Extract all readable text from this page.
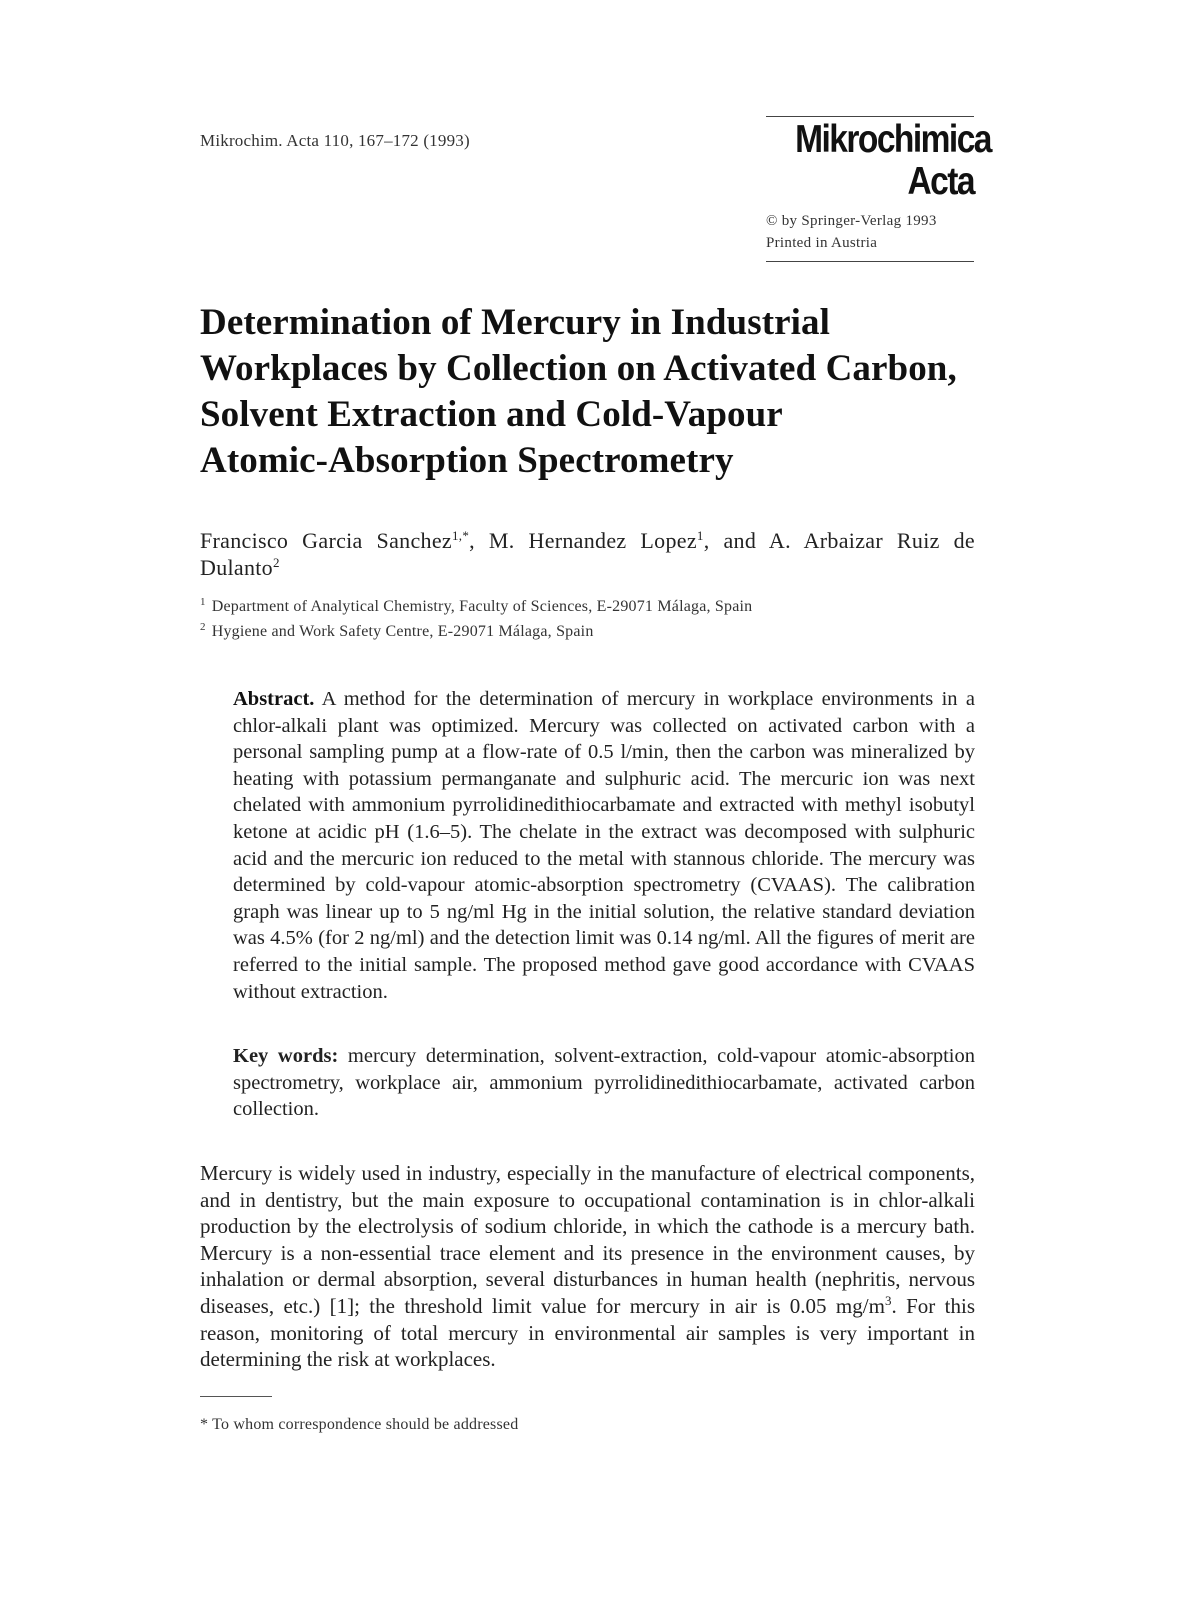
Mikrochim. Acta 110, 167–172 (1993)	Mikrochimica
Acta
© by Springer-Verlag 1993
Printed in Austria
Determination of Mercury in Industrial
Workplaces by Collection on Activated Carbon,
Solvent Extraction and Cold-Vapour
Atomic-Absorption Spectrometry
Francisco Garcia Sanchez$^{1,*}$, M. Hernandez Lopez$^1$, and A. Arbaizar Ruiz de Dulanto$^2$
$^1$ Department of Analytical Chemistry, Faculty of Sciences, E-29071 Málaga, Spain
$^2$ Hygiene and Work Safety Centre, E-29071 Málaga, Spain

Abstract. A method for the determination of mercury in workplace environments in a chlor-alkali plant was optimized. Mercury was collected on activated carbon with a personal sampling pump at a flow-rate of 0.5 l/min, then the carbon was mineralized by heating with potassium permanganate and sulphuric acid. The mercuric ion was next chelated with ammonium pyrrolidinedithiocarbamate and extracted with methyl isobutyl ketone at acidic pH (1.6–5). The chelate in the extract was decomposed with sulphuric acid and the mercuric ion reduced to the metal with stannous chloride. The mercury was determined by cold-vapour atomic-absorption spectrometry (CVAAS). The calibration graph was linear up to 5 ng/ml Hg in the initial solution, the relative standard deviation was 4.5% (for 2 ng/ml) and the detection limit was 0.14 ng/ml. All the figures of merit are referred to the initial sample. The proposed method gave good accordance with CVAAS without extraction.

Key words: mercury determination, solvent-extraction, cold-vapour atomic-absorption spectrometry, workplace air, ammonium pyrrolidinedithiocarbamate, activated carbon collection.

Mercury is widely used in industry, especially in the manufacture of electrical components, and in dentistry, but the main exposure to occupational contamination is in chlor-alkali production by the electrolysis of sodium chloride, in which the cathode is a mercury bath. Mercury is a non-essential trace element and its presence in the environment causes, by inhalation or dermal absorption, several disturbances in human health (nephritis, nervous diseases, etc.) [1]; the threshold limit value for mercury in air is 0.05 $mg/m^3$. For this reason, monitoring of total mercury in environmental air samples is very important in determining the risk at workplaces.

* To whom correspondence should be addressed
